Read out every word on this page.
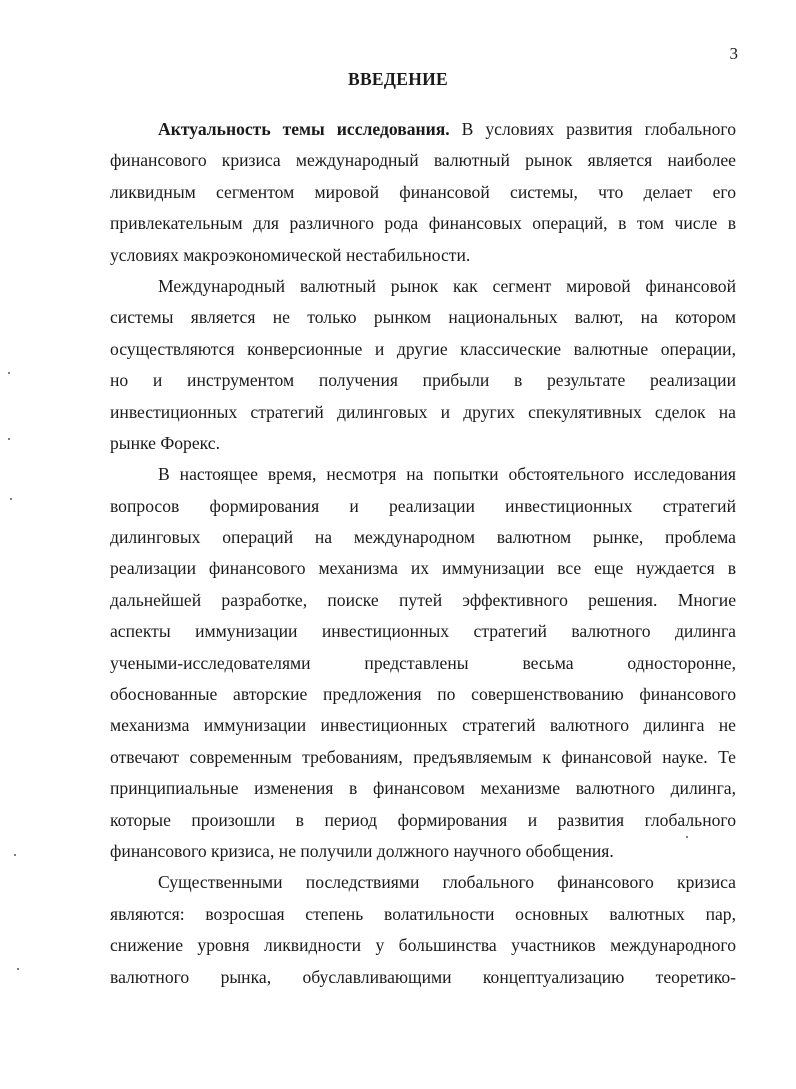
3
ВВЕДЕНИЕ
Актуальность темы исследования. В условиях развития глобального
финансового кризиса международный валютный рынок является наиболее
ликвидным сегментом мировой финансовой системы, что делает его
привлекательным для различного рода финансовых операций, в том числе в
условиях макроэкономической нестабильности.
Международный валютный рынок как сегмент мировой финансовой
системы является не только рынком национальных валют, на котором
осуществляются конверсионные и другие классические валютные операции,
но и инструментом получения прибыли в результате реализации
инвестиционных стратегий дилинговых и других спекулятивных сделок на
рынке Форекс.
В настоящее время, несмотря на попытки обстоятельного исследования
вопросов формирования и реализации инвестиционных стратегий
дилинговых операций на международном валютном рынке, проблема
реализации финансового механизма их иммунизации все еще нуждается в
дальнейшей разработке, поиске путей эффективного решения. Многие
аспекты иммунизации инвестиционных стратегий валютного дилинга
учеными-исследователями представлены весьма односторонне,
обоснованные авторские предложения по совершенствованию финансового
механизма иммунизации инвестиционных стратегий валютного дилинга не
отвечают современным требованиям, предъявляемым к финансовой науке. Те
принципиальные изменения в финансовом механизме валютного дилинга,
которые произошли в период формирования и развития глобального
финансового кризиса, не получили должного научного обобщения.
Существенными последствиями глобального финансового кризиса
являются: возросшая степень волатильности основных валютных пар,
снижение уровня ликвидности у большинства участников международного
валютного рынка, обуславливающими концептуализацию теоретико-
